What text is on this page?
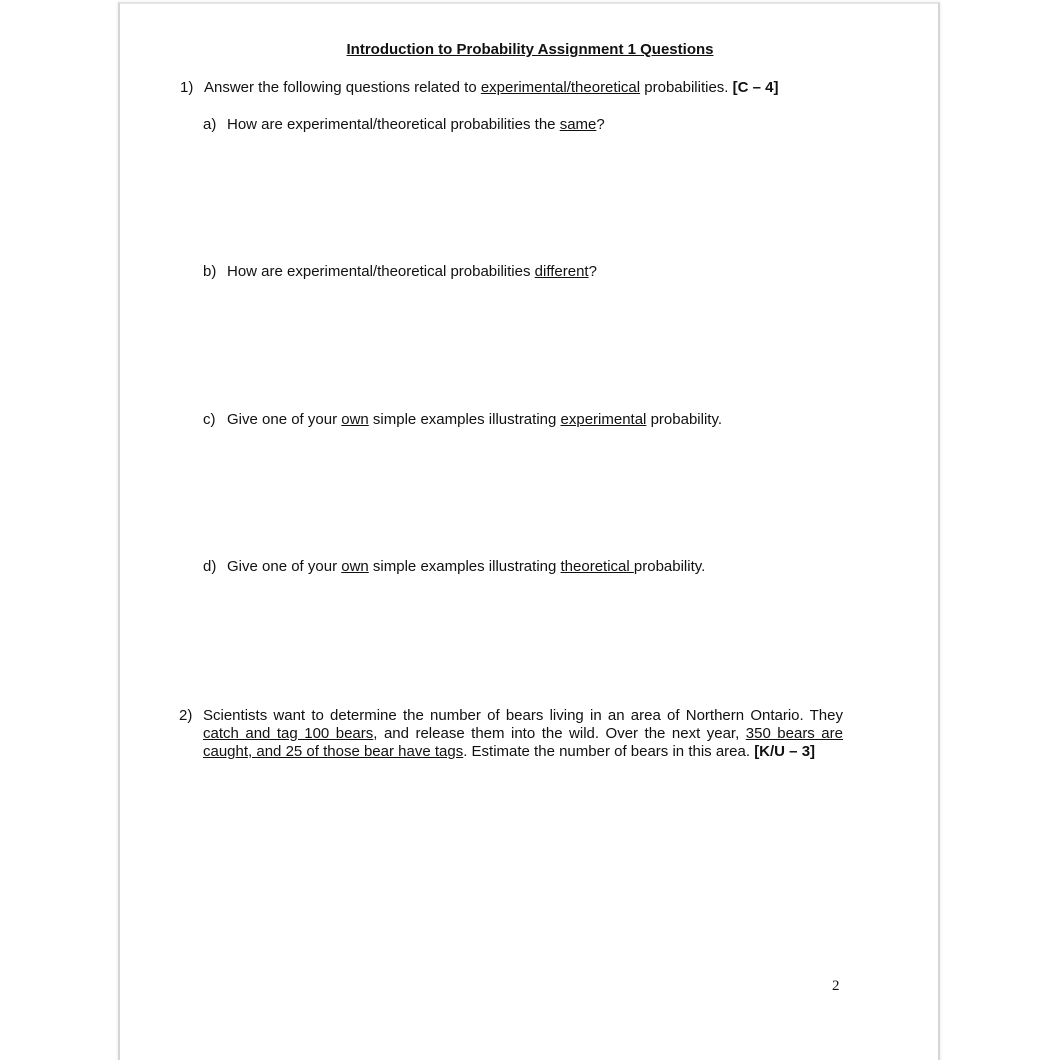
Introduction to Probability Assignment 1 Questions
1) Answer the following questions related to experimental/theoretical probabilities. [C – 4]
a) How are experimental/theoretical probabilities the same?
b) How are experimental/theoretical probabilities different?
c) Give one of your own simple examples illustrating experimental probability.
d) Give one of your own simple examples illustrating theoretical probability.
2) Scientists want to determine the number of bears living in an area of Northern Ontario. They catch and tag 100 bears, and release them into the wild. Over the next year, 350 bears are caught, and 25 of those bear have tags. Estimate the number of bears in this area. [K/U – 3]
2
